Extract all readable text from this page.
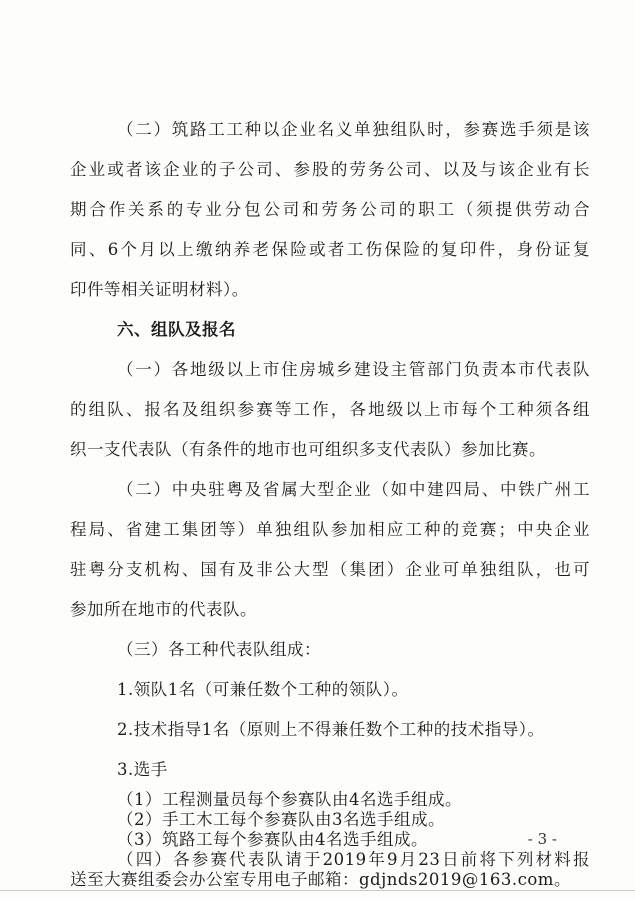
（二）筑路工工种以企业名义单独组队时，参赛选手须是该
企业或者该企业的子公司、参股的劳务公司、以及与该企业有长
期合作关系的专业分包公司和劳务公司的职工（须提供劳动合
同、6个月以上缴纳养老保险或者工伤保险的复印件，身份证复
印件等相关证明材料）。
六、组队及报名
（一）各地级以上市住房城乡建设主管部门负责本市代表队
的组队、报名及组织参赛等工作，各地级以上市每个工种须各组
织一支代表队（有条件的地市也可组织多支代表队）参加比赛。
（二）中央驻粤及省属大型企业（如中建四局、中铁广州工
程局、省建工集团等）单独组队参加相应工种的竞赛；中央企业
驻粤分支机构、国有及非公大型（集团）企业可单独组队，也可
参加所在地市的代表队。
（三）各工种代表队组成：
1.领队1名（可兼任数个工种的领队）。
2.技术指导1名（原则上不得兼任数个工种的技术指导）。
3.选手
（1）工程测量员每个参赛队由4名选手组成。
（2）手工木工每个参赛队由3名选手组成。
（3）筑路工每个参赛队由4名选手组成。
（四）各参赛代表队请于2019年9月23日前将下列材料报
送至大赛组委会办公室专用电子邮箱：gdjnds2019@163.com。
- 3 -
